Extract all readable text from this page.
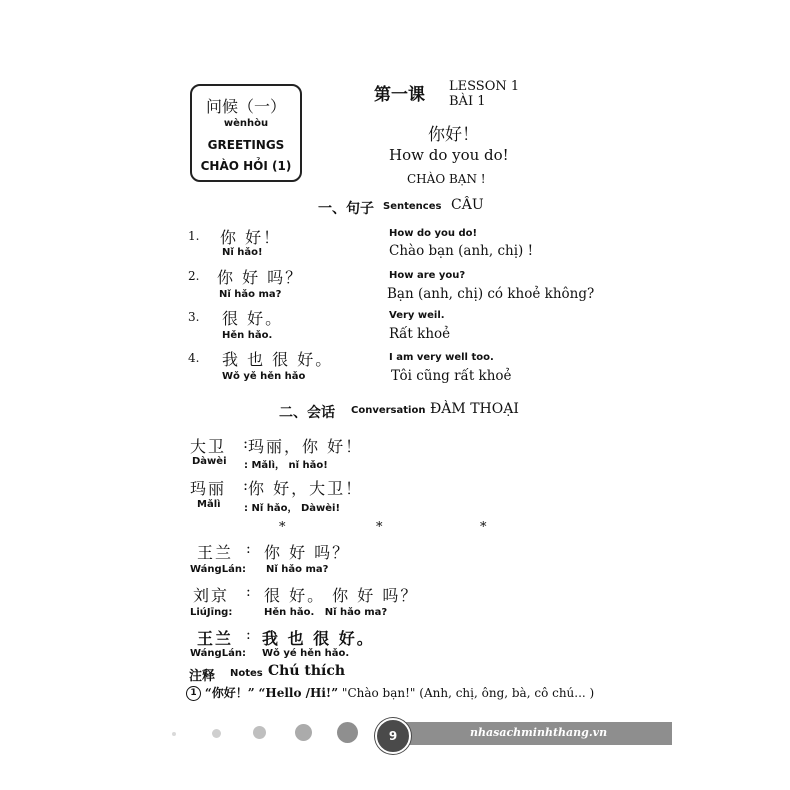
问候（一）
wènhòu
GREETINGS
CHÀO HỎI (1)
第一课 LESSON 1
BÀI 1
你好！
How do you do!
CHÀO BẠN !
一、句子 Sentences CÂU
1. 你 好！
Nǐ hǎo!
How do you do!
Chào bạn (anh, chị) !
2. 你 好 吗？
Nǐ hǎo ma?
How are you?
Bạn (anh, chị) có khoẻ không?
3. 很 好。
Hěn hǎo.
Very weil.
Rất khoẻ
4. 我 也 很 好。
Wǒ yě hěn hǎo
I am very well too.
Tôi cũng rất khoẻ
二、会话 Conversation ĐÀM THOẠI
大卫 : 玛丽，你 好！
Dàwèi : Mǎlì， nǐ hǎo!
玛丽 : 你 好，大卫！
Mǎlì : Nǐ hǎo， Dàwèi!
*	*	*
王兰 : 你 好 吗？
WángLán: Nǐ hǎo ma?
刘京 : 很 好。 你 好 吗？
LiúJīng:	Hěn hǎo.   Nǐ hǎo ma?
王兰 : 我 也 很 好。
WángLán: Wǒ yé hěn hǎo.
注释 Notes Chú thích
1 “你好！” “Hello /Hi!” "Chào bạn!" (Anh, chị, ông, bà, cô chú... )
9	nhasachminhthang.vn
